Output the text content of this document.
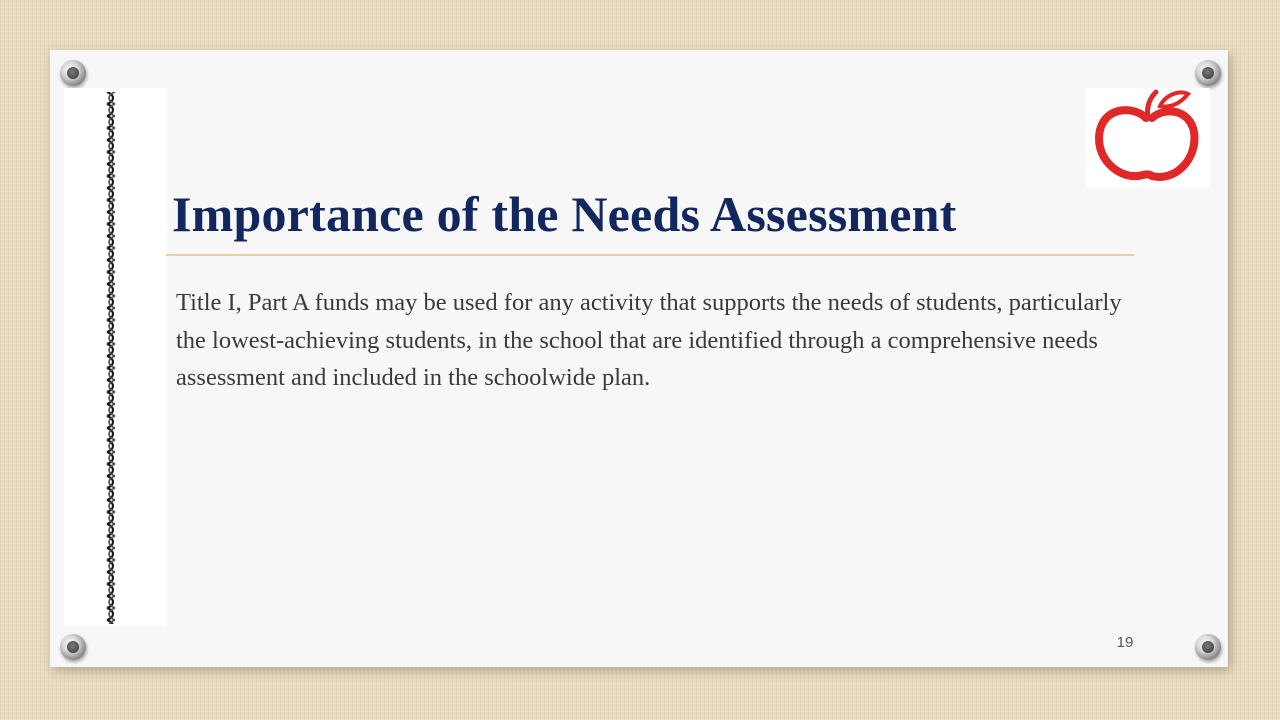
Importance of the Needs Assessment

Title I, Part A funds may be used for any activity that supports the needs of students, particularly the lowest-achieving students, in the school that are identified through a comprehensive needs assessment and included in the schoolwide plan.

19
